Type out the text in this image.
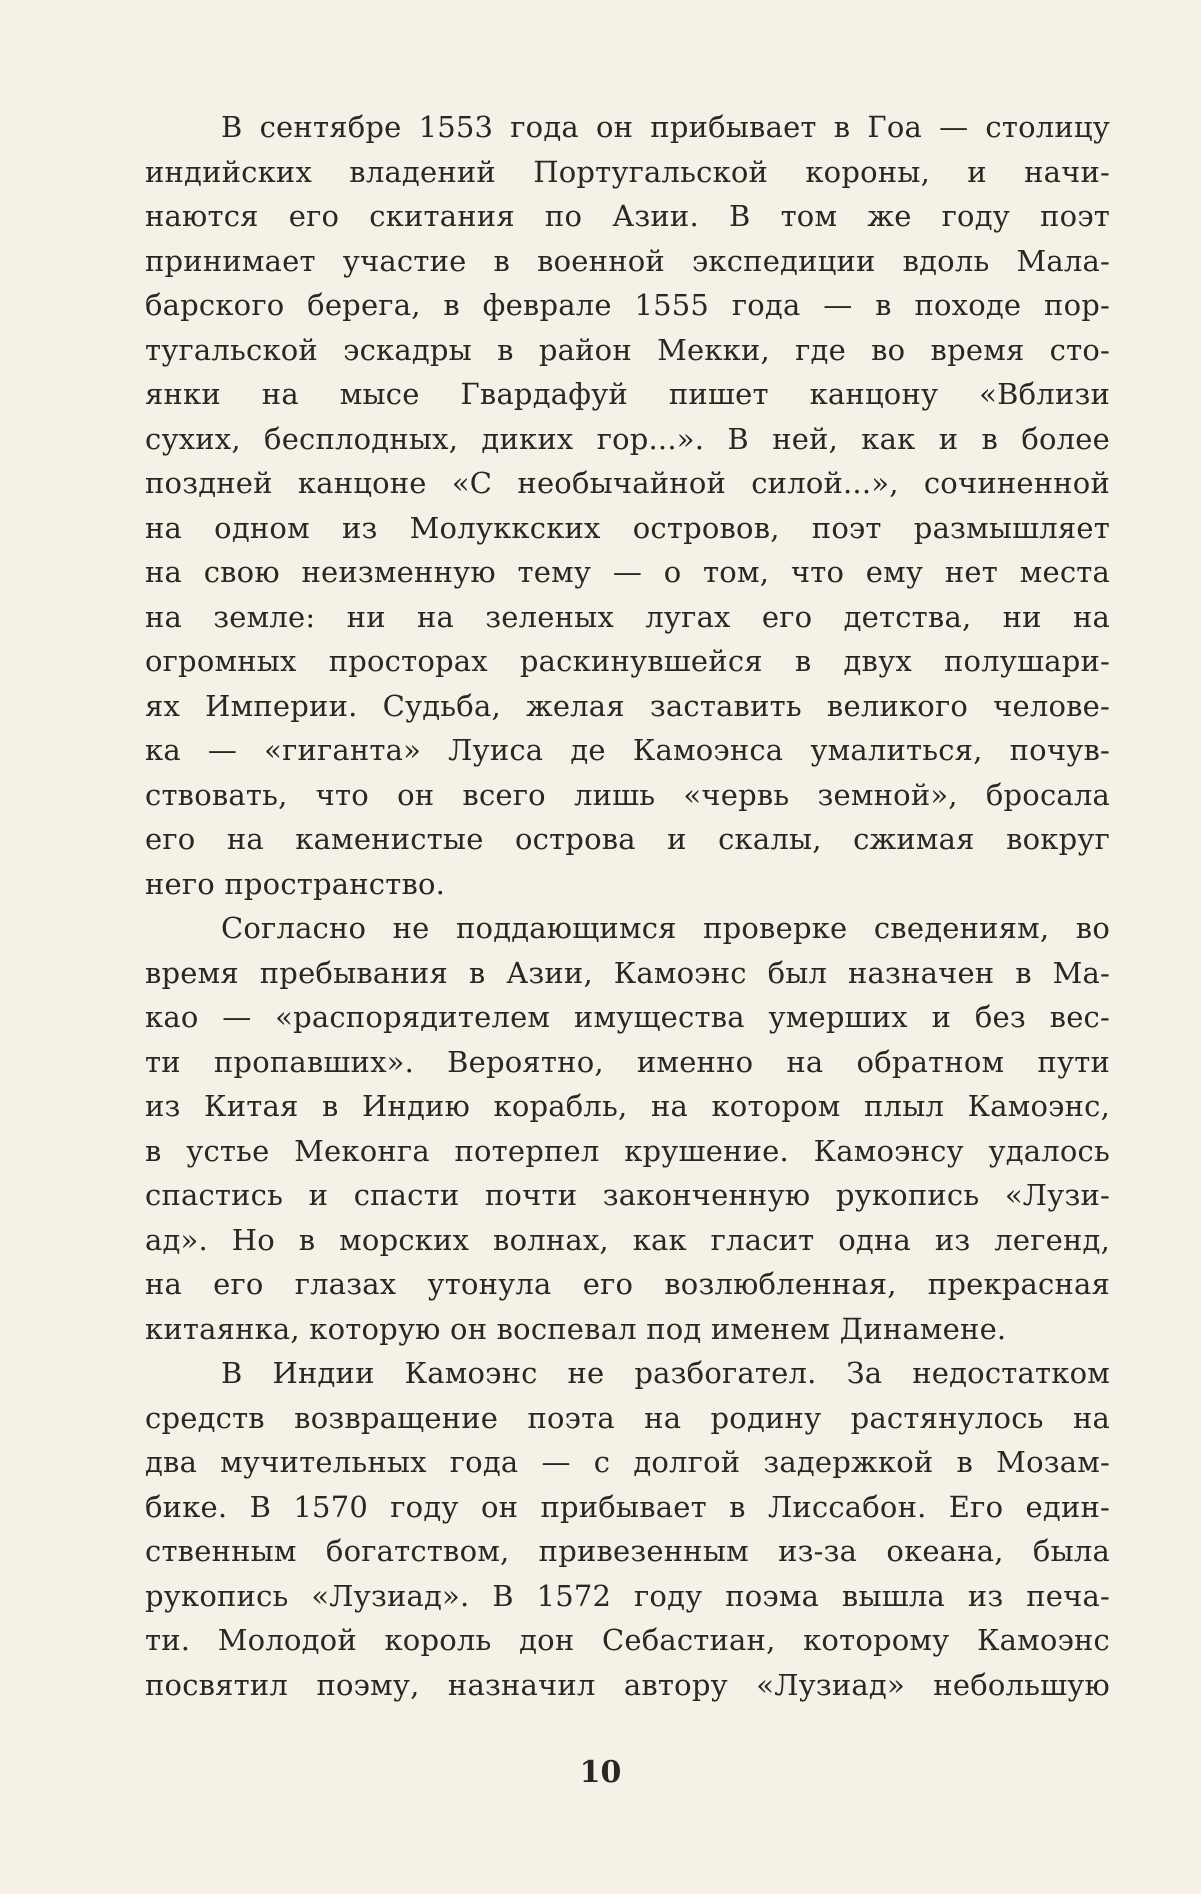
В сентябре 1553 года он прибывает в Гоа — столицу
индийских владений Португальской короны, и начи-
наются его скитания по Азии. В том же году поэт
принимает участие в военной экспедиции вдоль Мала-
барского берега, в феврале 1555 года — в походе пор-
тугальской эскадры в район Мекки, где во время сто-
янки на мысе Гвардафуй пишет канцону «Вблизи
сухих, бесплодных, диких гор...». В ней, как и в более
поздней канцоне «С необычайной силой...», сочиненной
на одном из Молуккских островов, поэт размышляет
на свою неизменную тему — о том, что ему нет места
на земле: ни на зеленых лугах его детства, ни на
огромных просторах раскинувшейся в двух полушари-
ях Империи. Судьба, желая заставить великого челове-
ка — «гиганта» Луиса де Камоэнса умалиться, почув-
ствовать, что он всего лишь «червь земной», бросала
его на каменистые острова и скалы, сжимая вокруг
него пространство.
Согласно не поддающимся проверке сведениям, во
время пребывания в Азии, Камоэнс был назначен в Ма-
као — «распорядителем имущества умерших и без вес-
ти пропавших». Вероятно, именно на обратном пути
из Китая в Индию корабль, на котором плыл Камоэнс,
в устье Меконга потерпел крушение. Камоэнсу удалось
спастись и спасти почти законченную рукопись «Лузи-
ад». Но в морских волнах, как гласит одна из легенд,
на его глазах утонула его возлюбленная, прекрасная
китаянка, которую он воспевал под именем Динамене.
В Индии Камоэнс не разбогател. За недостатком
средств возвращение поэта на родину растянулось на
два мучительных года — с долгой задержкой в Мозам-
бике. В 1570 году он прибывает в Лиссабон. Его един-
ственным богатством, привезенным из-за океана, была
рукопись «Лузиад». В 1572 году поэма вышла из печа-
ти. Молодой король дон Себастиан, которому Камоэнс
посвятил поэму, назначил автору «Лузиад» небольшую
10
